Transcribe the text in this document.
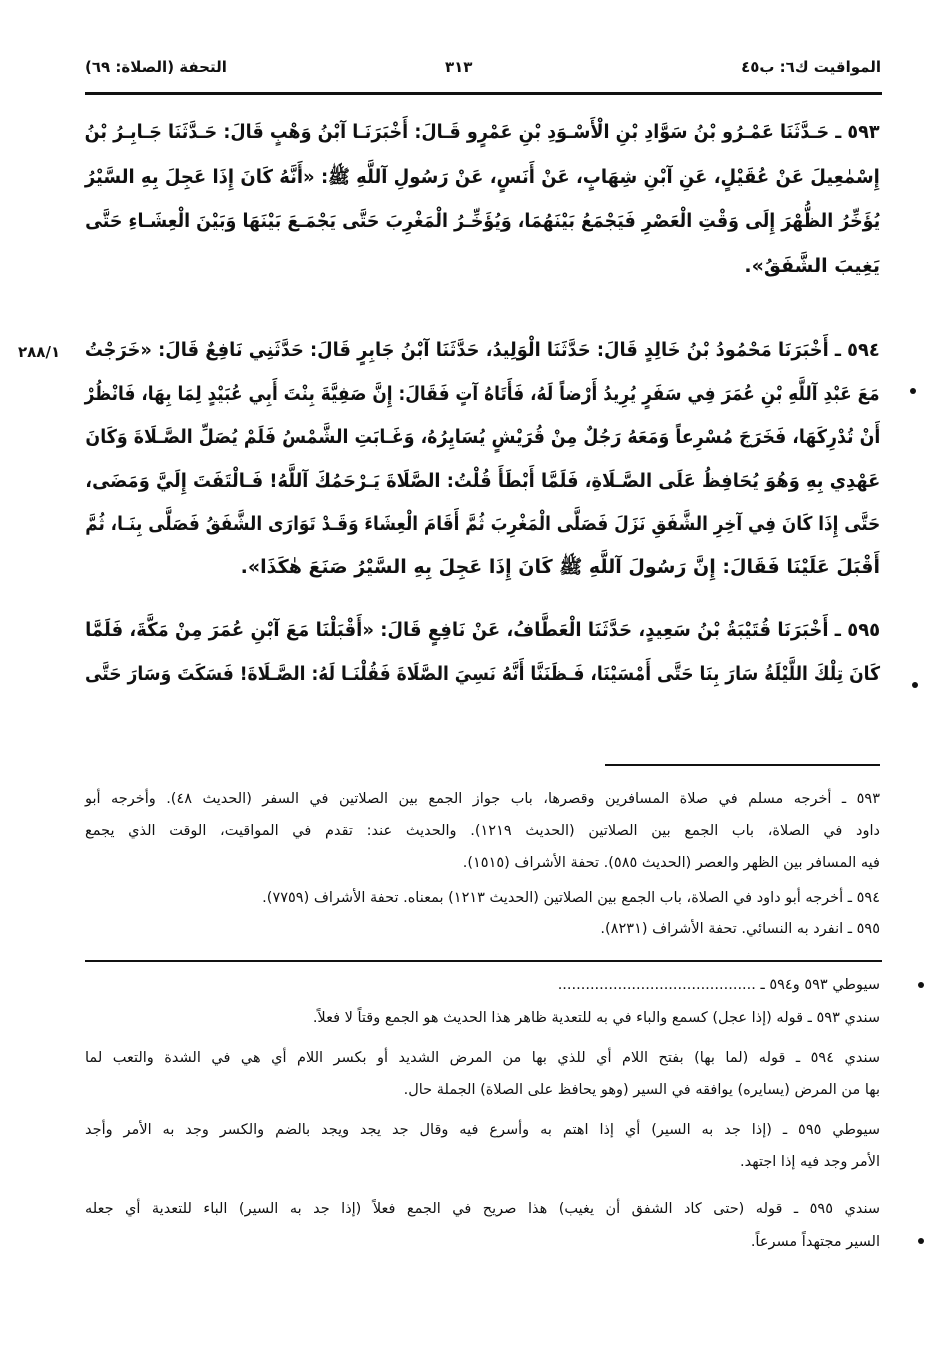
المواقيت ك٦: ب٤٥
٣١٣
التحفة (الصلاة: ٦٩)
٢٨٨/١
٥٩٣ ـ حَـدَّثَنَا عَمْـرُو بْنُ سَوَّادِ بْنِ الْأَسْـوَدِ بْنِ عَمْرٍو قَـالَ: أَخْبَرَنَـا آبْنُ وَهْبٍ قَالَ: حَـدَّثَنَا جَـابِـرُ بْنُ
إِسْمٰعِيلَ عَنْ عُقَيْلٍ، عَنِ آبْنِ شِهَابٍ، عَنْ أَنَسٍ، عَنْ رَسُولِ آللَّهِ ﷺ: «أَنَّهُ كَانَ إِذَا عَجِلَ بِهِ السَّيْرُ
يُؤَخِّرُ الظُّهْرَ إِلَى وَقْتِ الْعَصْرِ فَيَجْمَعُ بَيْنَهُمَا، وَيُؤَخِّـرُ الْمَغْرِبَ حَتَّى يَجْمَـعَ بَيْنَهَا وَبَيْنَ الْعِشَـاءِ حَتَّى
يَغِيبَ الشَّفَقُ».
٥٩٤ ـ أَخْبَرَنَا مَحْمُودُ بْنُ خَالِدٍ قَالَ: حَدَّثَنَا الْوَلِيدُ، حَدَّثَنَا آبْنُ جَابِرٍ قَالَ: حَدَّثَنِي نَافِعٌ قَالَ: «خَرَجْتُ
مَعَ عَبْدِ آللَّهِ بْنِ عُمَرَ فِي سَفَرٍ يُرِيدُ أَرْضاً لَهُ، فَأَتَاهُ آتٍ فَقَالَ: إِنَّ صَفِيَّةَ بِنْتَ أَبِي عُبَيْدٍ لِمَا بِهَا، فَانْظُرْ
أَنْ تُدْرِكَهَا، فَخَرَجَ مُسْرِعاً وَمَعَهُ رَجُلٌ مِنْ قُرَيْشٍ يُسَايِرُهُ، وَغَـابَتِ الشَّمْسُ فَلَمْ يُصَلِّ الصَّـلَاةَ وَكَانَ
عَهْدِي بِهِ وَهُوَ يُحَافِظُ عَلَى الصَّـلَاةِ، فَلَمَّا أَبْطَأَ قُلْتُ: الصَّلَاةَ يَـرْحَمُكَ آللَّهُ! فَـالْتَفَتَ إِلَيَّ وَمَضَى،
حَتَّى إِذَا كَانَ فِي آخِرِ الشَّفَقِ نَزَلَ فَصَلَّى الْمَغْرِبَ ثُمَّ أَقَامَ الْعِشَاءَ وَقَـدْ تَوَارَى الشَّفَقُ فَصَلَّى بِنَـا، ثُمَّ
أَقْبَلَ عَلَيْنَا فَقَالَ: إِنَّ رَسُولَ آللَّهِ ﷺ كَانَ إِذَا عَجِلَ بِهِ السَّيْرُ صَنَعَ هٰكَذَا».
٥٩٥ ـ أَخْبَرَنَا قُتَيْبَةُ بْنُ سَعِيدٍ، حَدَّثَنَا الْعَطَّافُ، عَنْ نَافِعٍ قَالَ: «أَقْبَلْنَا مَعَ آبْنِ عُمَرَ مِنْ مَكَّةَ، فَلَمَّا
كَانَ تِلْكَ اللَّيْلَةُ سَارَ بِنَا حَتَّى أَمْسَيْنَا، فَـظَنَنَّا أَنَّهُ نَسِيَ الصَّلَاةَ فَقُلْنَـا لَهُ: الصَّـلَاةَ! فَسَكَتَ وَسَارَ حَتَّى
٥٩٣ ـ أخرجه مسلم في صلاة المسافرين وقصرها، باب جواز الجمع بين الصلاتين في السفر (الحديث ٤٨). وأخرجه أبو
داود في الصلاة، باب الجمع بين الصلاتين (الحديث ١٢١٩). والحديث عند: تقدم في المواقيت، الوقت الذي يجمع
فيه المسافر بين الظهر والعصر (الحديث ٥٨٥). تحفة الأشراف (١٥١٥).
٥٩٤ ـ أخرجه أبو داود في الصلاة، باب الجمع بين الصلاتين (الحديث ١٢١٣) بمعناه. تحفة الأشراف (٧٧٥٩).
٥٩٥ ـ انفرد به النسائي. تحفة الأشراف (٨٢٣١).
سيوطي ٥٩٣ و٥٩٤ ـ ...........................................
سندي ٥٩٣ ـ قوله (إذا عجل) كسمع والباء في به للتعدية ظاهر هذا الحديث هو الجمع وقتاً لا فعلاً.
سندي ٥٩٤ ـ قوله (لما بها) بفتح اللام أي للذي بها من المرض الشديد أو بكسر اللام أي هي في الشدة والتعب لما
بها من المرض (يسايره) يوافقه في السير (وهو يحافظ على الصلاة) الجملة حال.
سيوطي ٥٩٥ ـ (إذا جد به السير) أي إذا اهتم به وأسرع فيه وقال جد يجد ويجد بالضم والكسر وجد به الأمر وأجد
الأمر وجد فيه إذا اجتهد.
سندي ٥٩٥ ـ قوله (حتى كاد الشفق أن يغيب) هذا صريح في الجمع فعلاً (إذا جد به السير) الباء للتعدية أي جعله
السير مجتهداً مسرعاً.
